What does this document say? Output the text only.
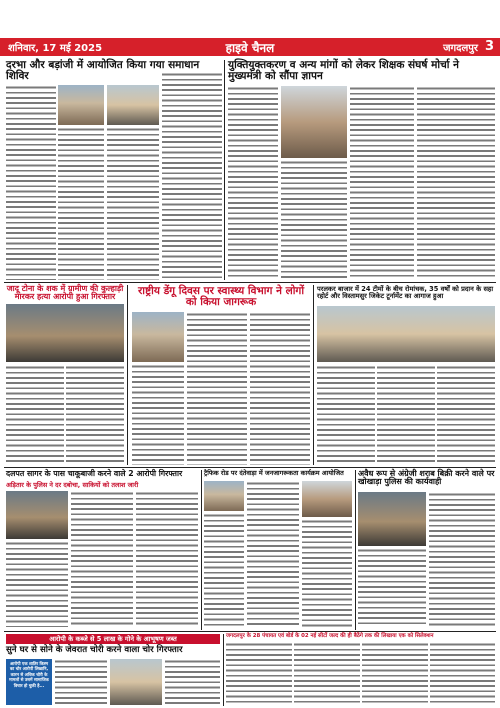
शनिवार, 17 मई 2025	हाइवे चैनल	जगदलपुर 3
दरभा और बड़ांजी में आयोजित किया गया समाधान शिविर
युक्तियुक्तकरण व अन्य मांगों को लेकर शिक्षक संघर्ष मोर्चा ने मुख्यमंत्री को सौंपा ज्ञापन
जादू टोना के शक में ग्रामीण की कुल्हाड़ी मारकर हत्या आरोपी हुआ गिरफ्तार	राष्ट्रीय डेंगू दिवस पर स्वास्थ्य विभाग ने लोगों को किया जागरूक
परलकर बाजार में 24 टीमों के बीच रोमांचक, 35 वर्षों को प्रदान के सहा रहोर्ट और विस्तामसुर जिकेट टूर्नामेंट का आगाज हुआ
दलपत सागर के पास चाकूबाजी करने वाले 2 आरोपी गिरफ्तार
अड़ितार के पुलिस ने दर दबोचा, साकियों को तलाश जारी
ट्रैफिक रोड पर दंतेवाड़ा में जनजागरूकता कार्यक्रम आयोजित	अवैध रूप से अंग्रेजी शराब बिक्री करने वाले पर खोखाड़ा पुलिस की कार्यवाही
आरोपी के कब्जे से 5 लाख के गोने के आभूषण जब्त
सुने घर से सोने के जेवरात चोरी करने वाला चोर गिरफ्तार
आरोपी एक शातिर किस्म का चोर आरोपी लिखानि, कारन से अधिक चोरी के मामलों से उसमें सामाजिक विचार हो चुकी है...
जगदलपुर के 28 पंचायत एवं बोर्ड के 02 नई सीटों जल्द की ही बैठेंगे तक की लिखाया एक को सिलेक्शन
